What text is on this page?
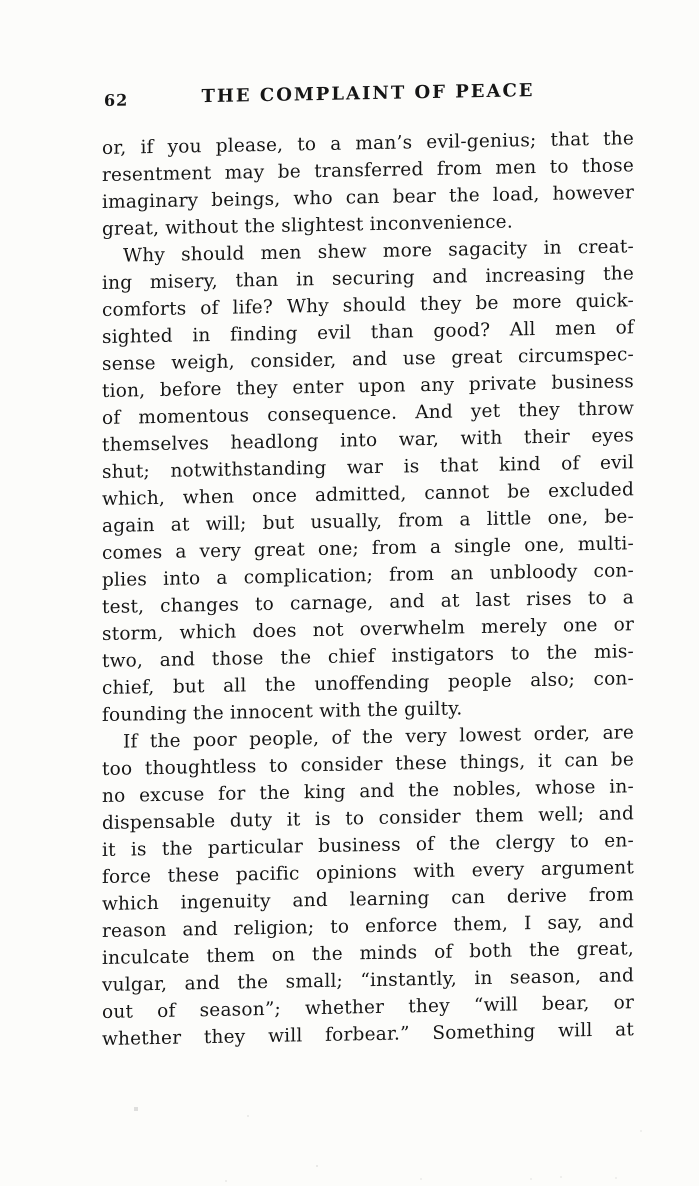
62	THE COMPLAINT OF PEACE
or, if you please, to a man’s evil-genius; that the
resentment may be transferred from men to those
imaginary beings, who can bear the load, however
great, without the slightest inconvenience.
Why should men shew more sagacity in creat-
ing misery, than in securing and increasing the
comforts of life? Why should they be more quick-
sighted in finding evil than good? All men of
sense weigh, consider, and use great circumspec-
tion, before they enter upon any private business
of momentous consequence. And yet they throw
themselves headlong into war, with their eyes
shut; notwithstanding war is that kind of evil
which, when once admitted, cannot be excluded
again at will; but usually, from a little one, be-
comes a very great one; from a single one, multi-
plies into a complication; from an unbloody con-
test, changes to carnage, and at last rises to a
storm, which does not overwhelm merely one or
two, and those the chief instigators to the mis-
chief, but all the unoffending people also; con-
founding the innocent with the guilty.
If the poor people, of the very lowest order, are
too thoughtless to consider these things, it can be
no excuse for the king and the nobles, whose in-
dispensable duty it is to consider them well; and
it is the particular business of the clergy to en-
force these pacific opinions with every argument
which ingenuity and learning can derive from
reason and religion; to enforce them, I say, and
inculcate them on the minds of both the great,
vulgar, and the small; “instantly, in season, and
out of season”; whether they “will bear, or
whether they will forbear.” Something will at
